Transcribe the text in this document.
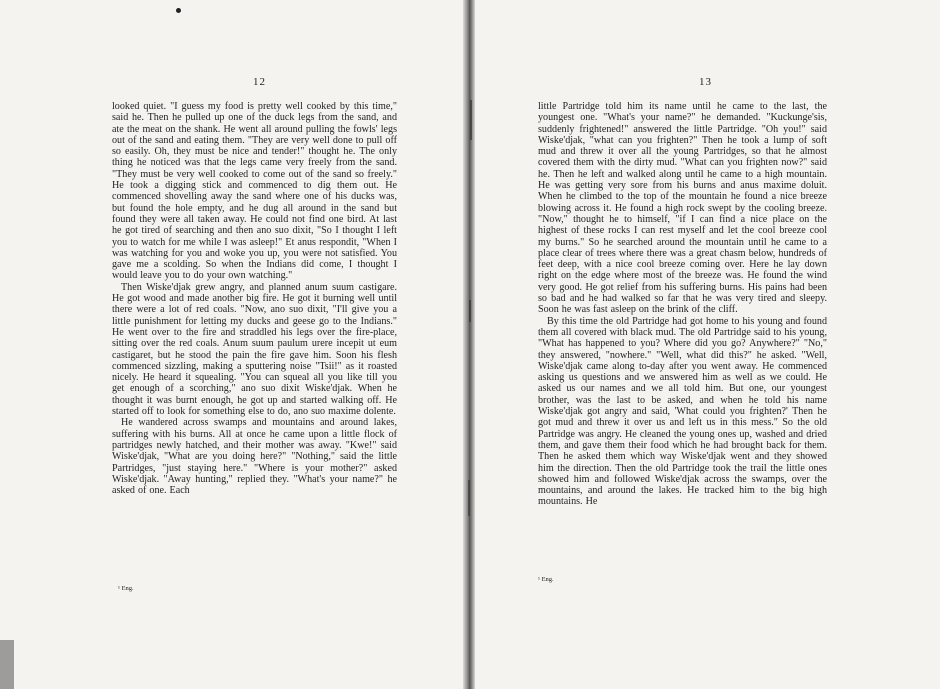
12

looked quiet. "I guess my food is pretty well cooked by this time," said he. Then he pulled up one of the duck legs from the sand, and ate the meat on the shank. He went all around pulling the fowls' legs out of the sand and eating them. "They are very well done to pull off so easily. Oh, they must be nice and tender!" thought he. The only thing he noticed was that the legs came very freely from the sand. "They must be very well cooked to come out of the sand so freely." He took a digging stick and commenced to dig them out. He commenced shovelling away the sand where one of his ducks was, but found the hole empty, and he dug all around in the sand but found they were all taken away. He could not find one bird. At last he got tired of searching and then ano suo dixit, "So I thought I left you to watch for me while I was asleep!" Et anus respondit, "When I was watching for you and woke you up, you were not satisfied. You gave me a scolding. So when the Indians did come, I thought I would leave you to do your own watching."

Then Wiske'djak grew angry, and planned anum suum castigare. He got wood and made another big fire. He got it burning well until there were a lot of red coals. "Now, ano suo dixit, "I'll give you a little punishment for letting my ducks and geese go to the Indians." He went over to the fire and straddled his legs over the fire-place, sitting over the red coals. Anum suum paulum urere incepit ut eum castigaret, but he stood the pain the fire gave him. Soon his flesh commenced sizzling, making a sputtering noise "Tsii!" as it roasted nicely. He heard it squealing. "You can squeal all you like till you get enough of a scorching," ano suo dixit Wiske'djak. When he thought it was burnt enough, he got up and started walking off. He started off to look for something else to do, ano suo maxime dolente.

He wandered across swamps and mountains and around lakes, suffering with his burns. All at once he came upon a little flock of partridges newly hatched, and their mother was away. "Kwe!" said Wiske'djak, "What are you doing here?" "Nothing," said the little Partridges, "just staying here." "Where is your mother?" asked Wiske'djak. "Away hunting," replied they. "What's your name?" he asked of one. Each

¹ Eng.
13

little Partridge told him its name until he came to the last, the youngest one. "What's your name?" he demanded. "Kuckunge'sis, suddenly frightened!" answered the little Partridge. "Oh you!" said Wiske'djak, "what can you frighten?" Then he took a lump of soft mud and threw it over all the young Partridges, so that he almost covered them with the dirty mud. "What can you frighten now?" said he. Then he left and walked along until he came to a high mountain. He was getting very sore from his burns and anus maxime doluit. When he climbed to the top of the mountain he found a nice breeze blowing across it. He found a high rock swept by the cooling breeze. "Now," thought he to himself, "if I can find a nice place on the highest of these rocks I can rest myself and let the cool breeze cool my burns." So he searched around the mountain until he came to a place clear of trees where there was a great chasm below, hundreds of feet deep, with a nice cool breeze coming over. Here he lay down right on the edge where most of the breeze was. He found the wind very good. He got relief from his suffering burns. His pains had been so bad and he had walked so far that he was very tired and sleepy. Soon he was fast asleep on the brink of the cliff.

By this time the old Partridge had got home to his young and found them all covered with black mud. The old Partridge said to his young, "What has happened to you? Where did you go? Anywhere?" "No," they answered, "nowhere." "Well, what did this?" he asked. "Well, Wiske'djak came along to-day after you went away. He commenced asking us questions and we answered him as well as we could. He asked us our names and we all told him. But one, our youngest brother, was the last to be asked, and when he told his name Wiske'djak got angry and said, 'What could you frighten?' Then he got mud and threw it over us and left us in this mess." So the old Partridge was angry. He cleaned the young ones up, washed and dried them, and gave them their food which he had brought back for them. Then he asked them which way Wiske'djak went and they showed him the direction. Then the old Partridge took the trail the little ones showed him and followed Wiske'djak across the swamps, over the mountains, and around the lakes. He tracked him to the big high mountains. He

¹ Eng.
